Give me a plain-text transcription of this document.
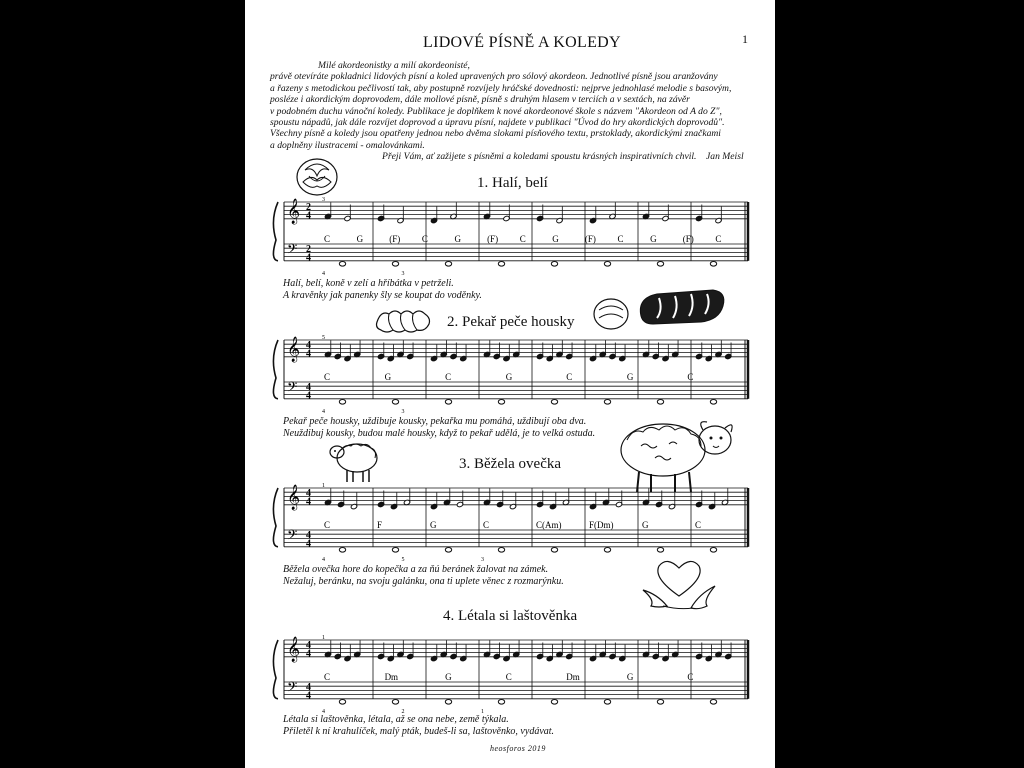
LIDOVÉ PÍSNĚ A KOLEDY	1
Milé akordeonistky a milí akordeonisté,
právě otevíráte pokladnici lidových písní a koled upravených pro sólový akordeon. Jednotlivé písně jsou aranžovány
a řazeny s metodickou pečlivostí tak, aby postupně rozvíjely hráčské dovednosti: nejprve jednohlasé melodie s basovým,
posléze i akordickým doprovodem, dále mollové písně, písně s druhým hlasem v terciích a v sextách, na závěr
v podobném duchu vánoční koledy. Publikace je doplňkem k nové akordeonové škole s názvem "Akordeon od A do Z",
spoustu nápadů, jak dále rozvíjet doprovod a úpravu písní, najdete v publikaci "Úvod do hry akordických doprovodů".
Všechny písně a koledy jsou opatřeny jednou nebo dvěma slokami písňového textu, prstoklady, akordickými značkami
a doplněny ilustracemi - omalovánkami.
Přeji Vám, ať zažijete s písněmi a koledami spoustu krásných inspirativních chvil. Jan Meisl
1. Halí, belí
2. Pekař peče housky
3. Běžela ovečka
4. Létala si laštověnka
𝄞
𝄢
2
4
2
4
C	G	(F) C	G	(F) C	G	(F) C	G	(F) C
3
4	3
𝄞
𝄢
4
4
4
4
C	G	C	G	C	G	C
5
4	3
𝄞
𝄢
4
4
4
4
C	F	G	C	C(Am)	F(Dm)	G	C
1
4	5	3
𝄞
𝄢
4
4
4
4
C	Dm	G	C	Dm	G	C
1
4	2	1
Halí, belí, koně v zelí a hříbátka v petrželi.
A kravěnky jak panenky šly se koupat do voděnky.
Pekař peče housky, uždibuje kousky, pekařka mu pomáhá, uždibují oba dva.
Neuždibuj kousky, budou malé housky, když to pekař udělá, je to velká ostuda.
Běžela ovečka hore do kopečka a za ňú beránek žalovat na zámek.
Nežaluj, beránku, na svoju galánku, ona ti uplete věnec z rozmarýnku.
Létala si laštověnka, létala, až se ona nebe, země týkala.
Přiletěl k ní krahulíček, malý pták, budeš-li sa, laštověnko, vydávat.
heosforos 2019
